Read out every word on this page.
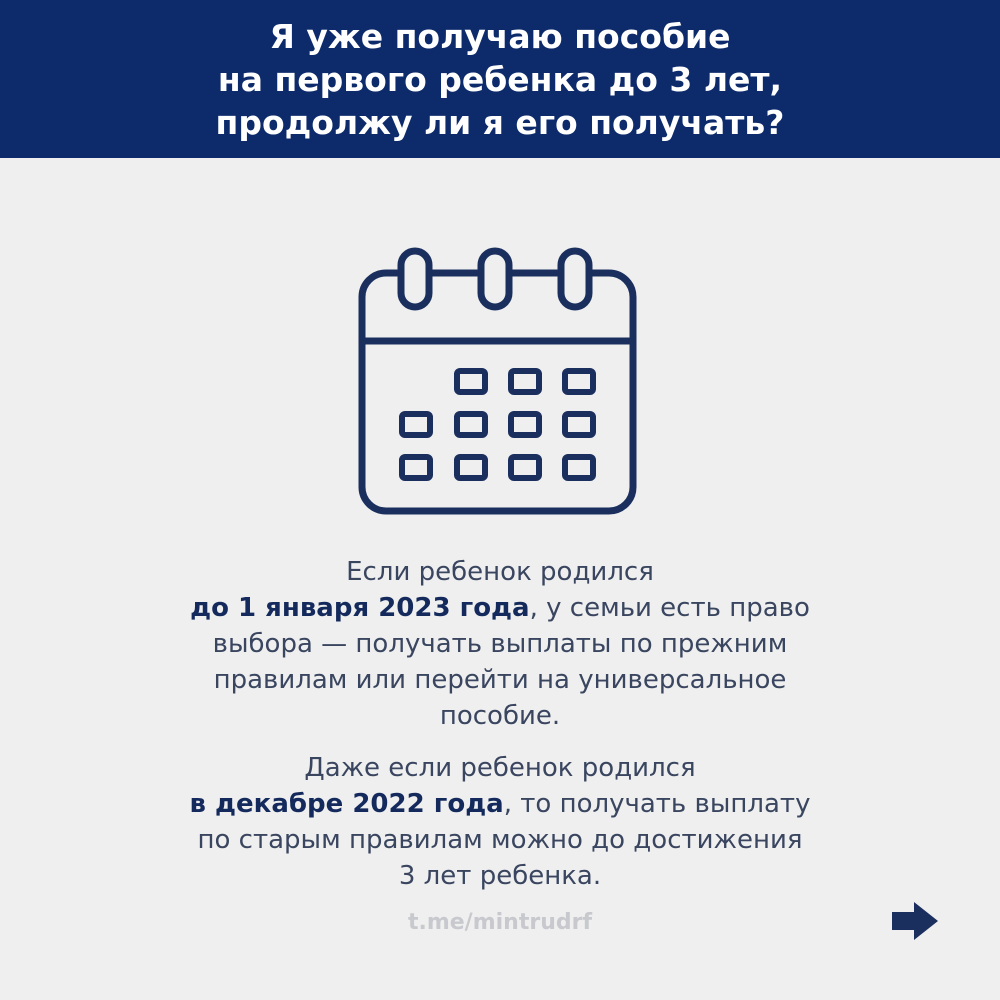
Я уже получаю пособие
на первого ребенка до 3 лет,
продолжу ли я его получать?
Если ребенок родился
до 1 января 2023 года, у семьи есть право
выбора — получать выплаты по прежним
правилам или перейти на универсальное
пособие.
Даже если ребенок родился
в декабре 2022 года, то получать выплату
по старым правилам можно до достижения
3 лет ребенка.
t.me/mintrudrf
